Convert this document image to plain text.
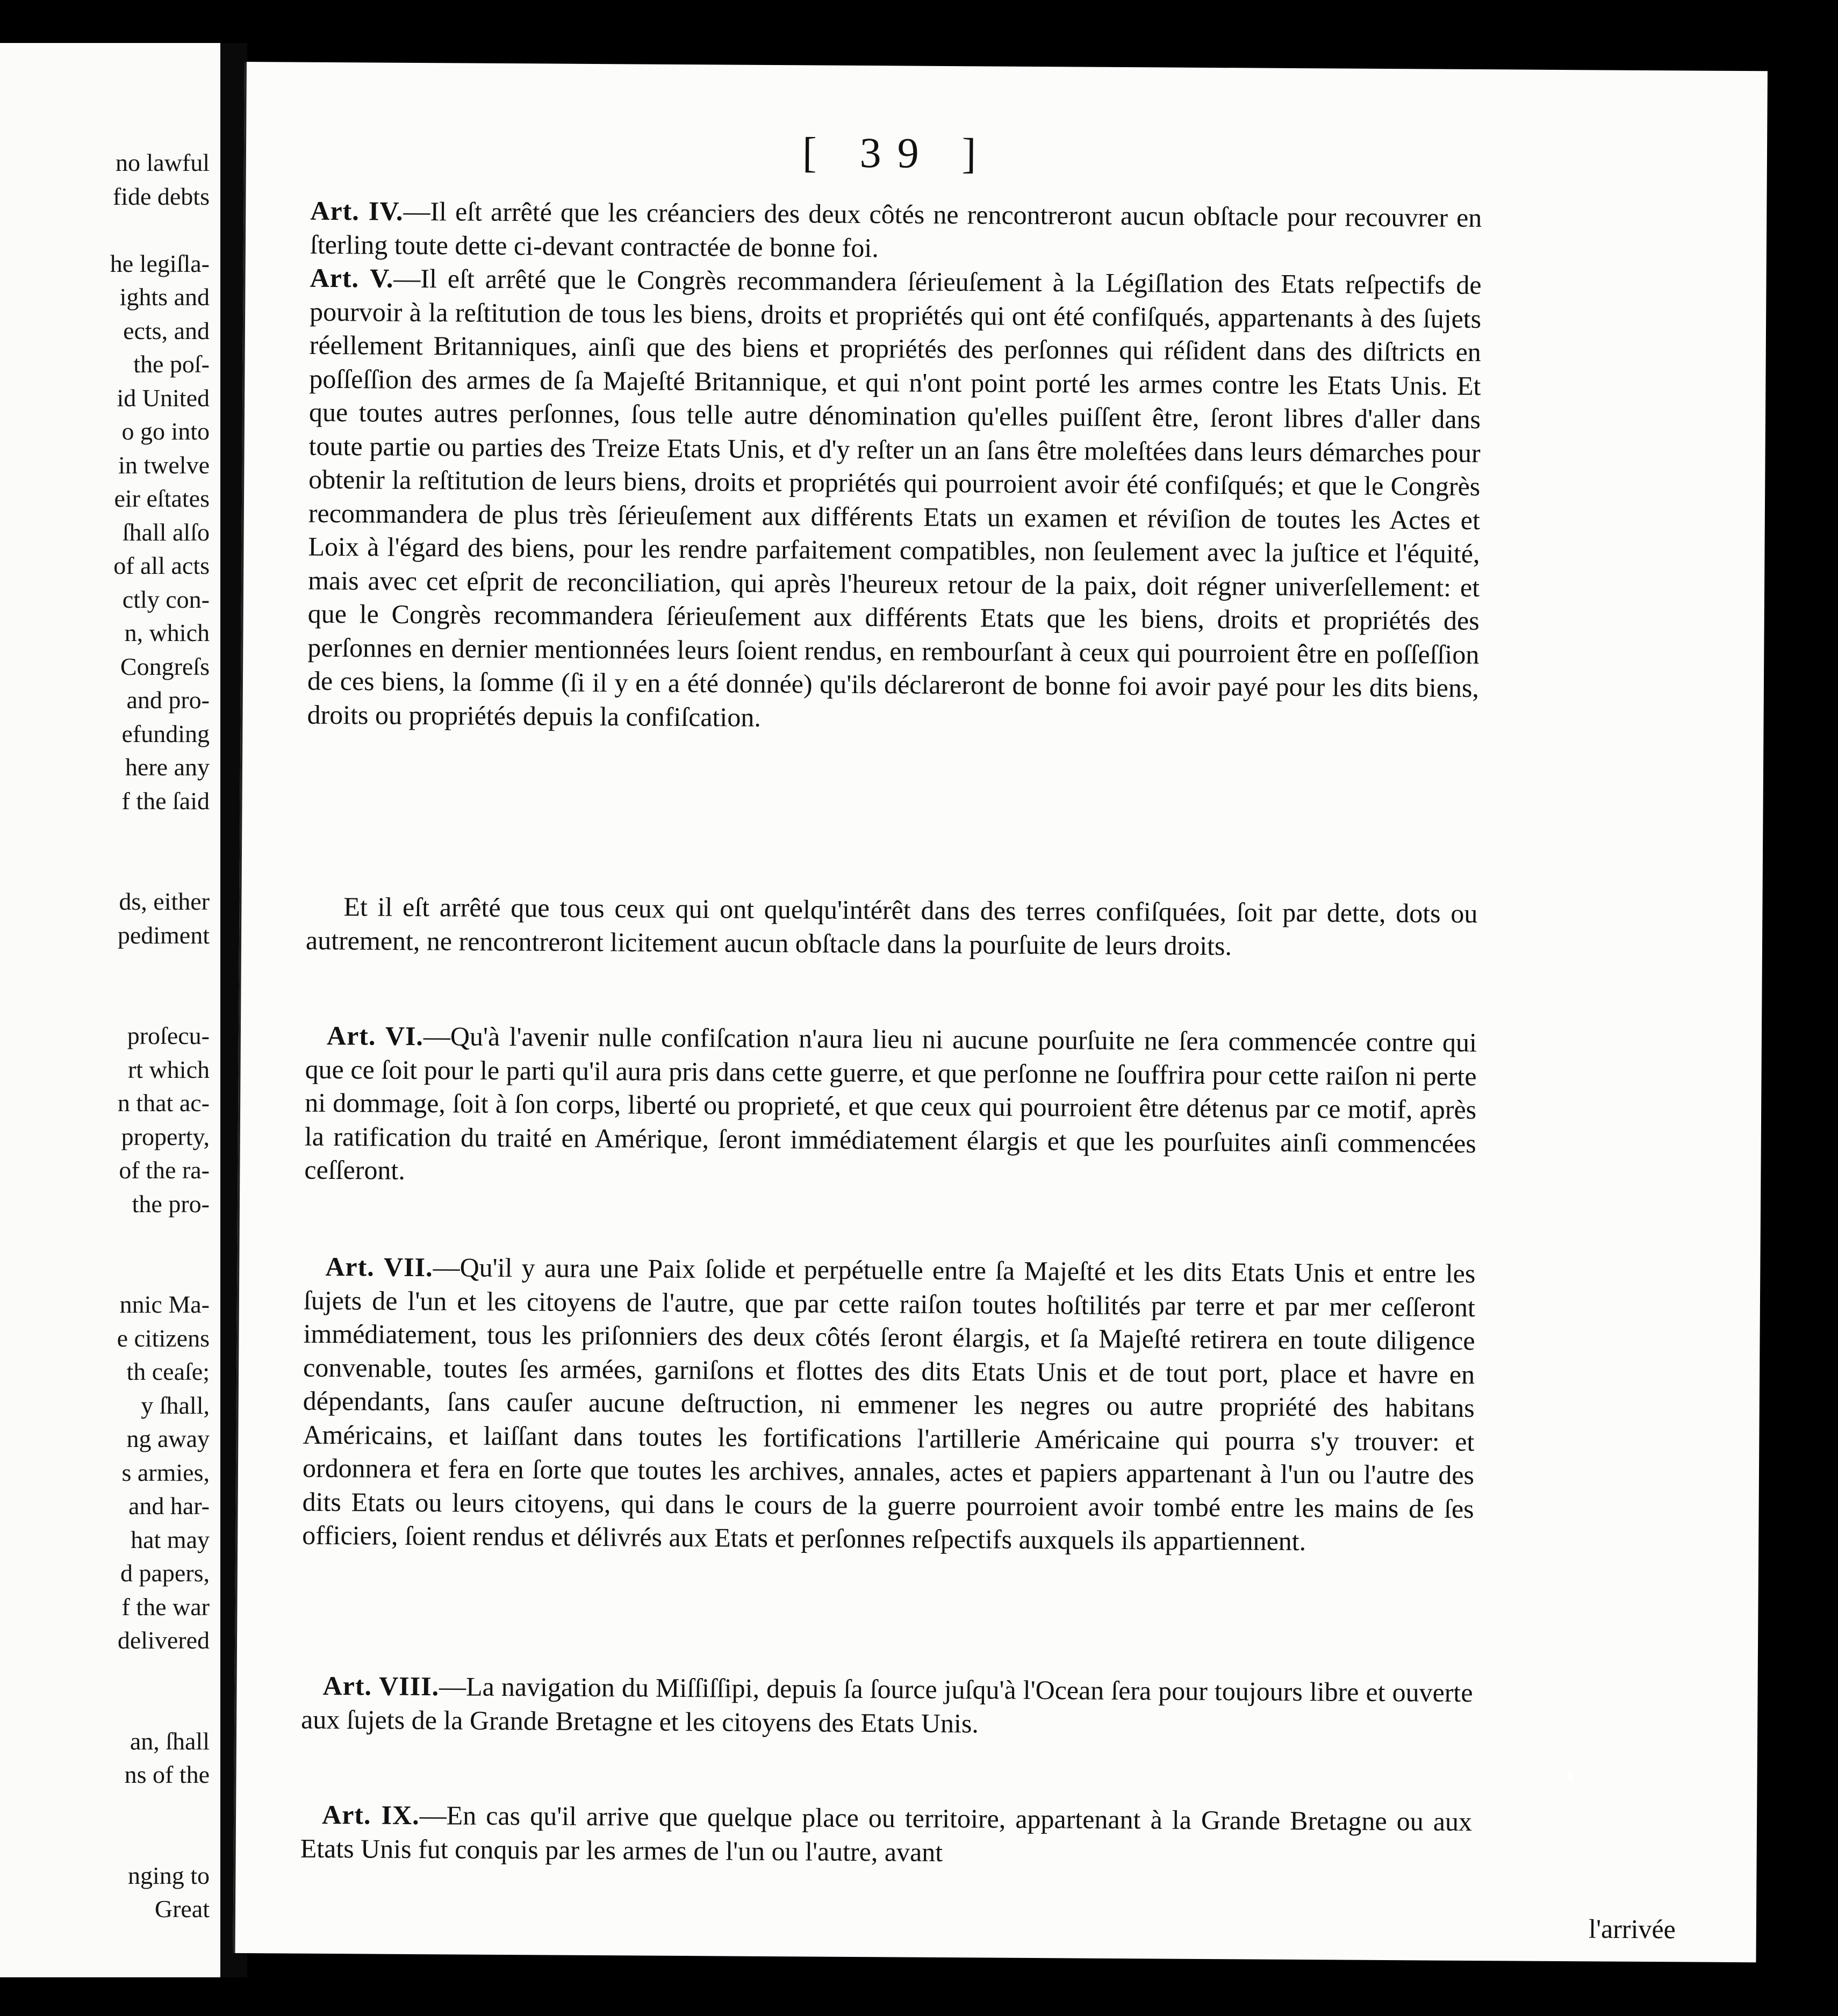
no lawful
fide debts
he legiſla-
ights and
ects, and
the poſ-
id United
o go into
in twelve
eir eſtates
ſhall alſo
of all acts
ctly con-
n, which
Congreſs
and pro-
efunding
here any
f the ſaid
ds, either
pediment
proſecu-
rt which
n that ac-
property,
of the ra-
the pro-
nnic Ma-
e citizens
th ceaſe;
y ſhall,
ng away
s armies,
and har-
hat may
d papers,
f the war
delivered
an, ſhall
ns of the
nging to
Great
[ 39 ]
Art. IV.—Il eſt arrêté que les créanciers des deux côtés ne rencontreront aucun obſtacle pour recouvrer en ſterling toute dette ci-devant contractée de bonne foi.
Art. V.—Il eſt arrêté que le Congrès recommandera ſérieuſement à la Légiſlation des Etats reſpectifs de pourvoir à la reſtitution de tous les biens, droits et propriétés qui ont été confiſqués, appartenants à des ſujets réellement Britanniques, ainſi que des biens et propriétés des perſonnes qui réſident dans des diſtricts en poſſeſſion des armes de ſa Majeſté Britannique, et qui n'ont point porté les armes contre les Etats Unis. Et que toutes autres perſonnes, ſous telle autre dénomination qu'elles puiſſent être, ſeront libres d'aller dans toute partie ou parties des Treize Etats Unis, et d'y reſter un an ſans être moleſtées dans leurs démarches pour obtenir la reſtitution de leurs biens, droits et propriétés qui pourroient avoir été confiſqués; et que le Congrès recommandera de plus très ſérieuſement aux différents Etats un examen et réviſion de toutes les Actes et Loix à l'égard des biens, pour les rendre parfaitement compatibles, non ſeulement avec la juſtice et l'équité, mais avec cet eſprit de reconciliation, qui après l'heureux retour de la paix, doit régner univerſellement: et que le Congrès recommandera ſérieuſement aux différents Etats que les biens, droits et propriétés des perſonnes en dernier mentionnées leurs ſoient rendus, en rembourſant à ceux qui pourroient être en poſſeſſion de ces biens, la ſomme (ſi il y en a été donnée) qu'ils déclareront de bonne foi avoir payé pour les dits biens, droits ou propriétés depuis la confiſcation.
Et il eſt arrêté que tous ceux qui ont quelqu'intérêt dans des terres confiſquées, ſoit par dette, dots ou autrement, ne rencontreront licitement aucun obſtacle dans la pourſuite de leurs droits.
Art. VI.—Qu'à l'avenir nulle confiſcation n'aura lieu ni aucune pourſuite ne ſera commencée contre qui que ce ſoit pour le parti qu'il aura pris dans cette guerre, et que perſonne ne ſouffrira pour cette raiſon ni perte ni dommage, ſoit à ſon corps, liberté ou proprieté, et que ceux qui pourroient être détenus par ce motif, après la ratification du traité en Amérique, ſeront immédiatement élargis et que les pourſuites ainſi commencées ceſſeront.
Art. VII.—Qu'il y aura une Paix ſolide et perpétuelle entre ſa Majeſté et les dits Etats Unis et entre les ſujets de l'un et les citoyens de l'autre, que par cette raiſon toutes hoſtilités par terre et par mer ceſſeront immédiatement, tous les priſonniers des deux côtés ſeront élargis, et ſa Majeſté retirera en toute diligence convenable, toutes ſes armées, garniſons et flottes des dits Etats Unis et de tout port, place et havre en dépendants, ſans cauſer aucune deſtruction, ni emmener les negres ou autre propriété des habitans Américains, et laiſſant dans toutes les fortifications l'artillerie Américaine qui pourra s'y trouver: et ordonnera et fera en ſorte que toutes les archives, annales, actes et papiers appartenant à l'un ou l'autre des dits Etats ou leurs citoyens, qui dans le cours de la guerre pourroient avoir tombé entre les mains de ſes officiers, ſoient rendus et délivrés aux Etats et perſonnes reſpectifs auxquels ils appartiennent.
Art. VIII.—La navigation du Miſſiſſipi, depuis ſa ſource juſqu'à l'Ocean ſera pour toujours libre et ouverte aux ſujets de la Grande Bretagne et les citoyens des Etats Unis.
Art. IX.—En cas qu'il arrive que quelque place ou territoire, appartenant à la Grande Bretagne ou aux Etats Unis fut conquis par les armes de l'un ou l'autre, avant
l'arrivée
